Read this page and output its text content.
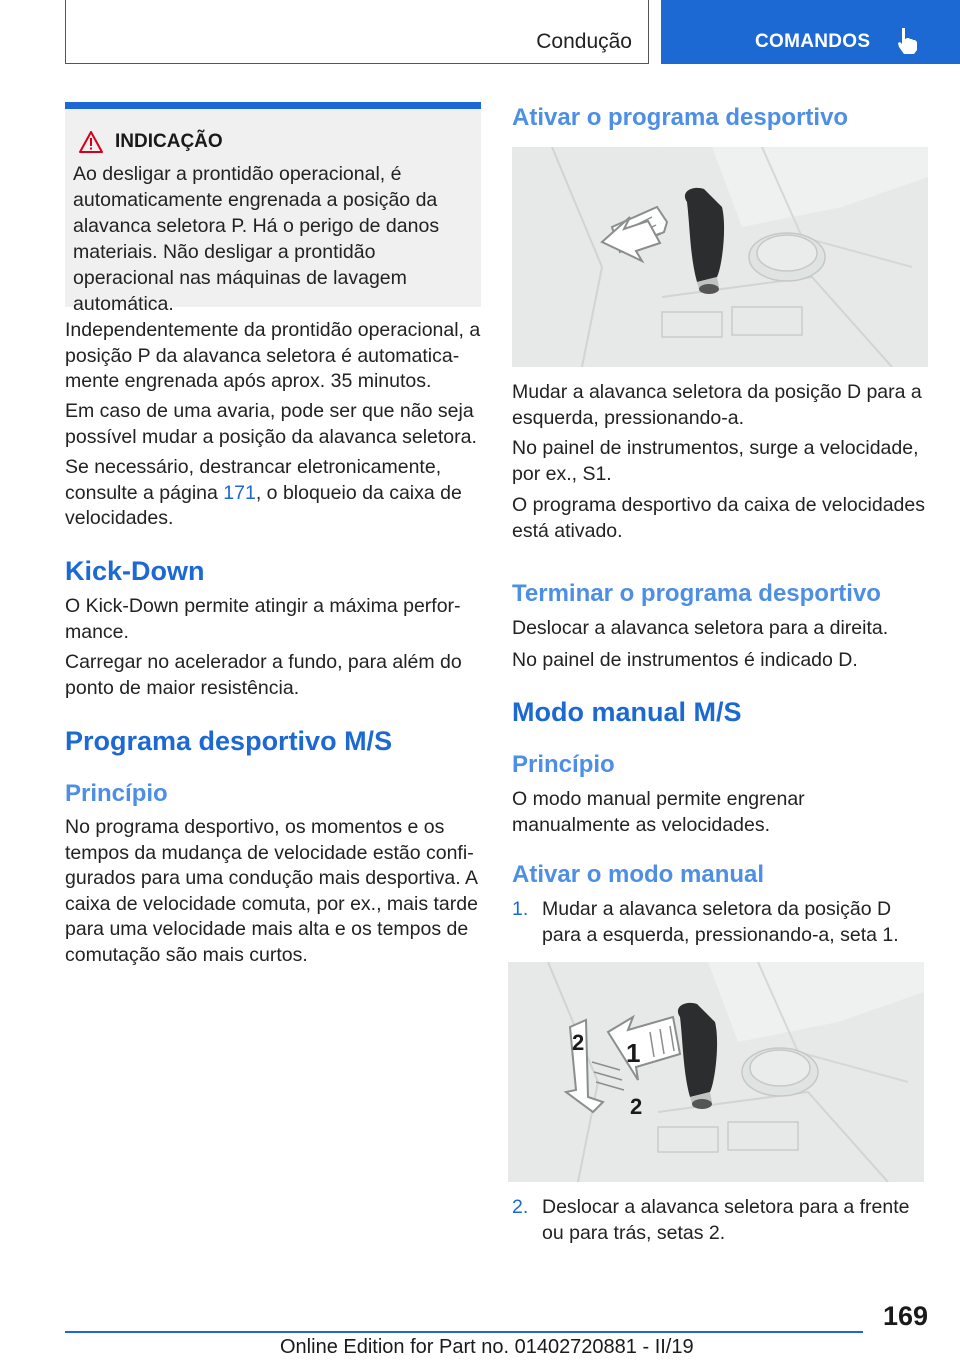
Condução	COMANDOS
INDICAÇÃO

Ao desligar a prontidão operacional, é automaticamente engrenada a posição da alavanca seletora P. Há o perigo de danos materiais. Não desligar a prontidão operacional nas máquinas de lavagem automática.

Independentemente da prontidão operacional, a posição P da alavanca seletora é automaticamente engrenada após aprox. 35 minutos.

Em caso de uma avaria, pode ser que não seja possível mudar a posição da alavanca seletora.

Se necessário, destrancar eletronicamente, consulte a página 171, o bloqueio da caixa de velocidades.

Kick-Down

O Kick-Down permite atingir a máxima performance.

Carregar no acelerador a fundo, para além do ponto de maior resistência.

Programa desportivo M/S
Princípio

No programa desportivo, os momentos e os tempos da mudança de velocidade estão configurados para uma condução mais desportiva. A caixa de velocidade comuta, por ex., mais tarde para uma velocidade mais alta e os tempos de comutação são mais curtos.

Ativar o programa desportivo

Mudar a alavanca seletora da posição D para a esquerda, pressionando-a.

No painel de instrumentos, surge a velocidade, por ex., S1.

O programa desportivo da caixa de velocidades está ativado.

Terminar o programa desportivo

Deslocar a alavanca seletora para a direita.

No painel de instrumentos é indicado D.

Modo manual M/S
Princípio

O modo manual permite engrenar manualmente as velocidades.

Ativar o modo manual
1. Mudar a alavanca seletora da posição D para a esquerda, pressionando-a, seta 1.
2 1
2
2. Deslocar a alavanca seletora para a frente ou para trás, setas 2.
169
Online Edition for Part no. 01402720881 - II/19
